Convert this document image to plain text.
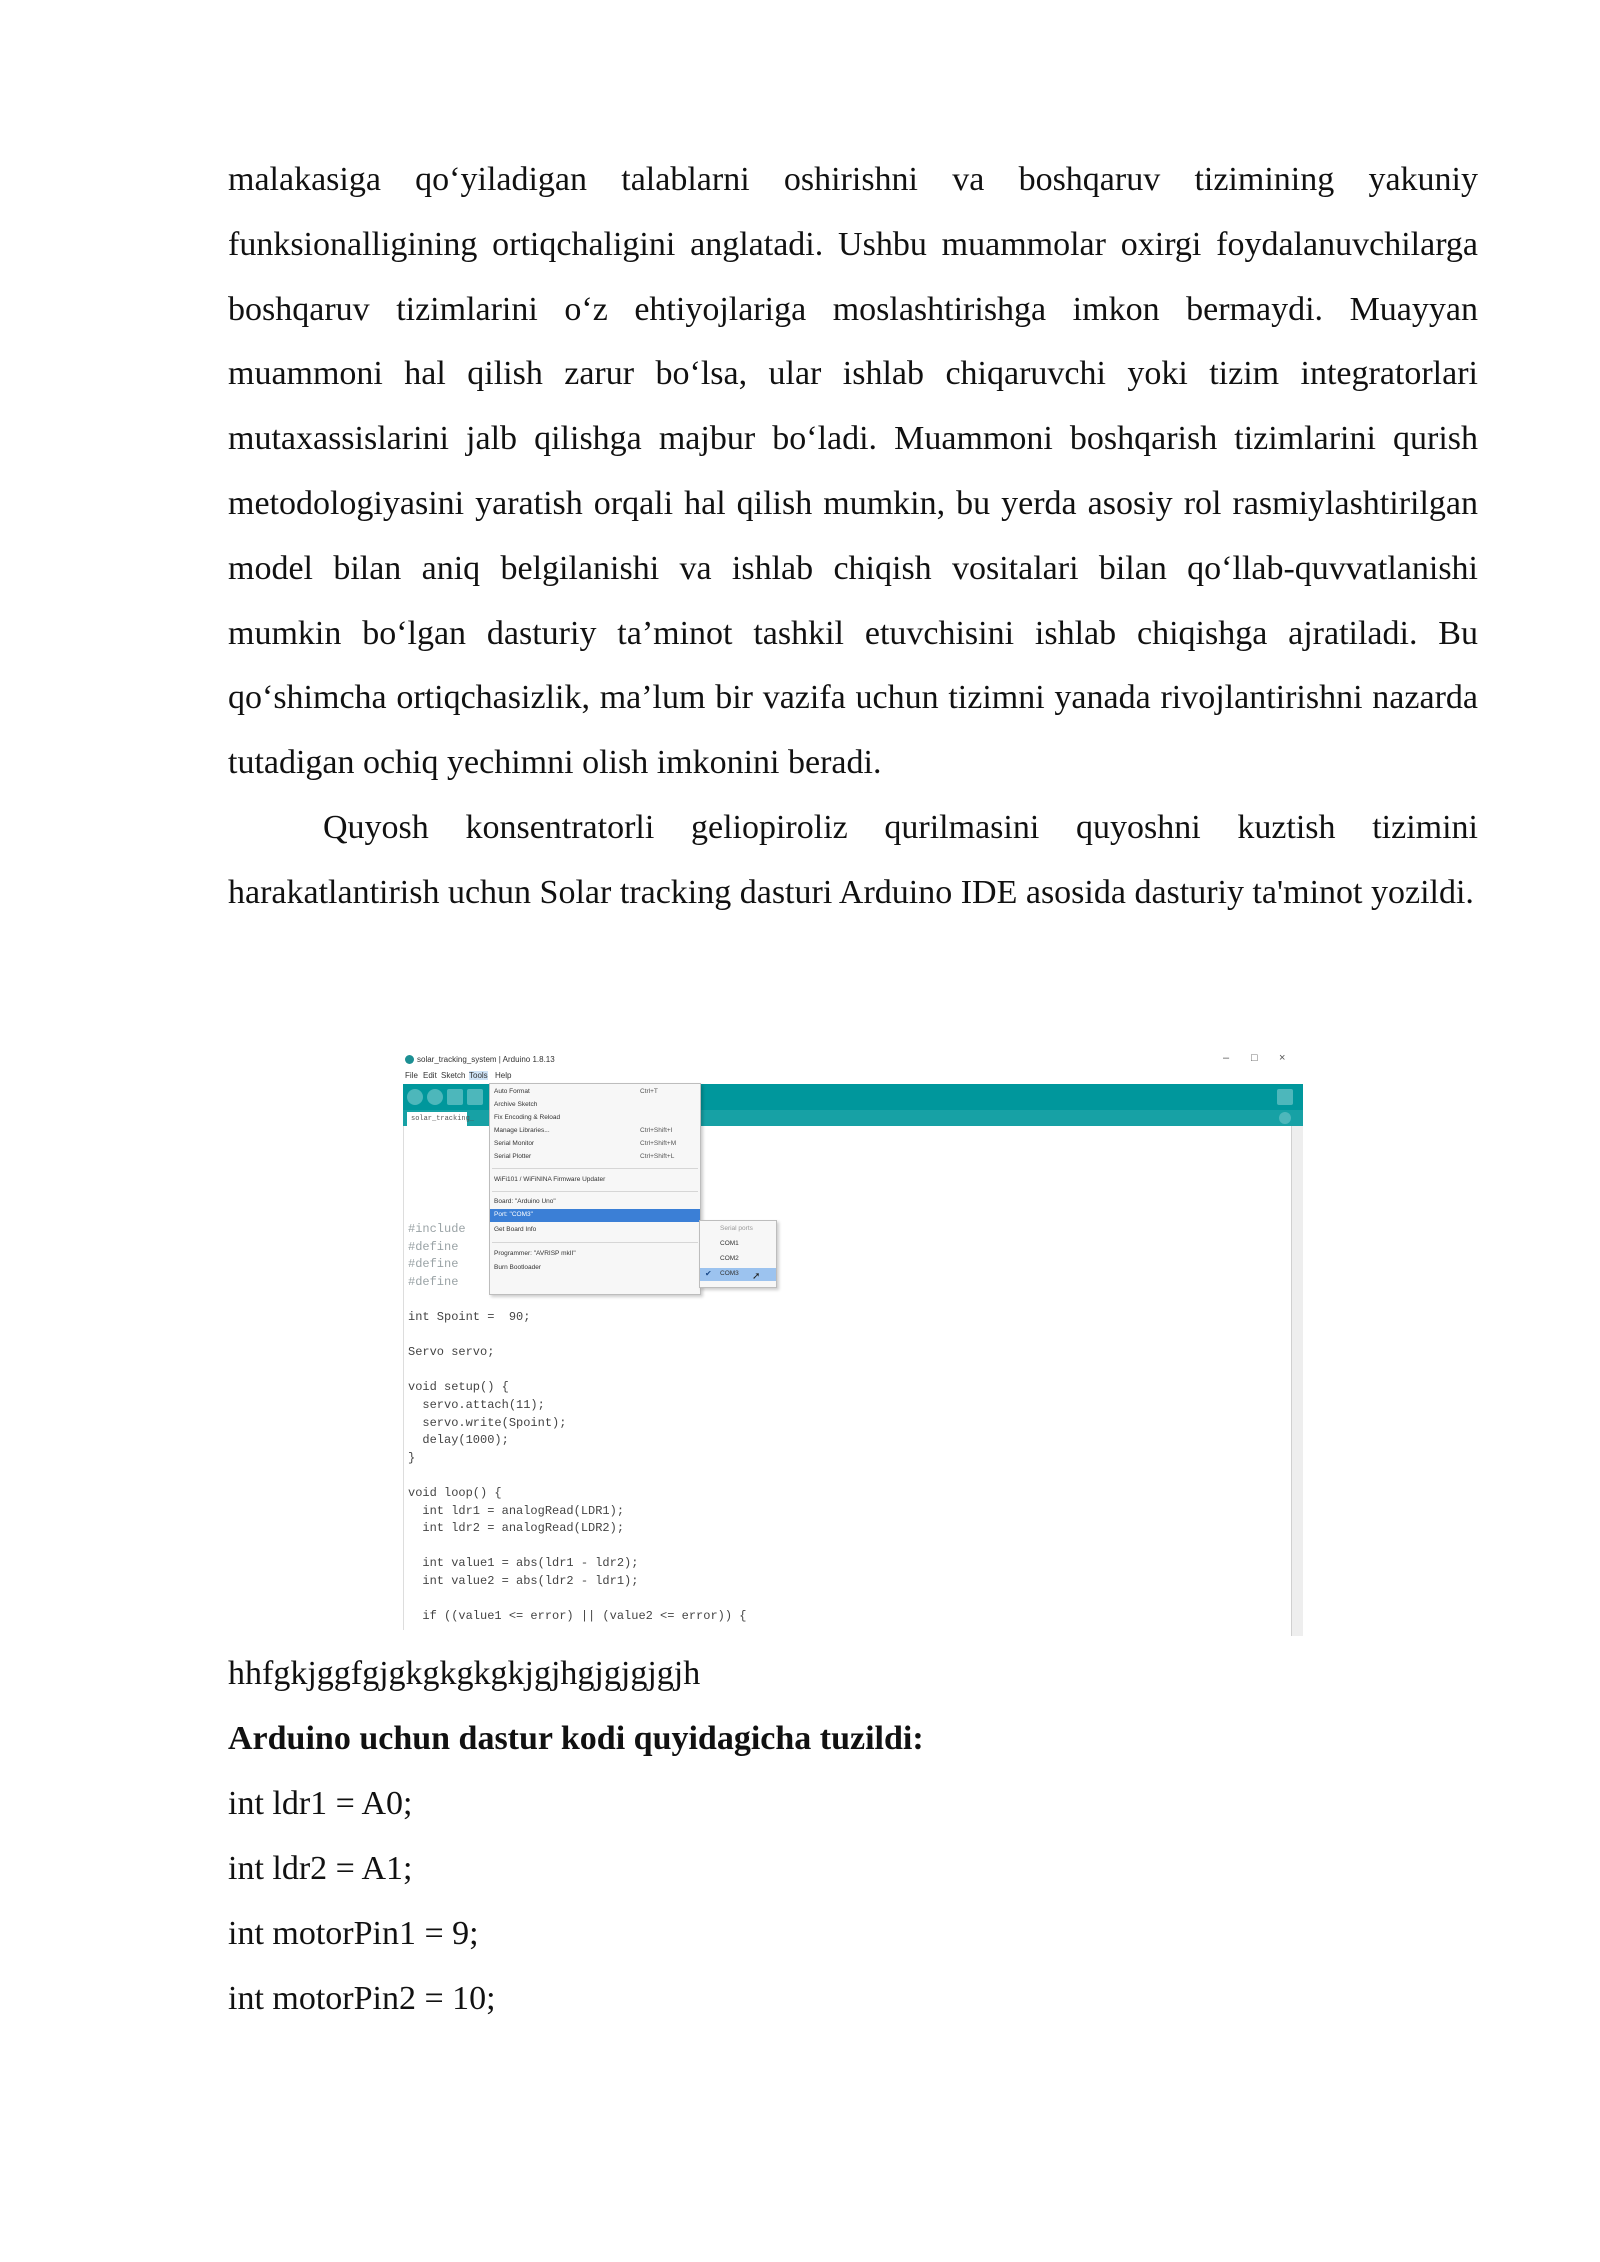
malakasiga qo‘yiladigan talablarni oshirishni va boshqaruv tizimining yakuniy funksionalligining ortiqchaligini anglatadi. Ushbu muammolar oxirgi foydalanuvchilarga boshqaruv tizimlarini o‘z ehtiyojlariga moslashtirishga imkon bermaydi. Muayyan muammoni hal qilish zarur bo‘lsa, ular ishlab chiqaruvchi yoki tizim integratorlari mutaxassislarini jalb qilishga majbur bo‘ladi. Muammoni boshqarish tizimlarini qurish metodologiyasini yaratish orqali hal qilish mumkin, bu yerda asosiy rol rasmiylashtirilgan model bilan aniq belgilanishi va ishlab chiqish vositalari bilan qo‘llab-quvvatlanishi mumkin bo‘lgan dasturiy ta’minot tashkil etuvchisini ishlab chiqishga ajratiladi. Bu qo‘shimcha ortiqchasizlik, ma’lum bir vazifa uchun tizimni yanada rivojlantirishni nazarda tutadigan ochiq yechimni olish imkonini beradi.

Quyosh konsentratorli geliopiroliz qurilmasini quyoshni kuztish tizimini harakatlantirish uchun Solar tracking dasturi Arduino IDE asosida dasturiy ta'minot yozildi.

solar_tracking_system | Arduino 1.8.13	– □ ×
File Edit Sketch Tools Help
solar_tracking_
#include
#define
#define
#define
int Spoint =  90;
Servo servo;
void setup() {
servo.attach(11);
servo.write(Spoint);
delay(1000);
}
void loop() {
int ldr1 = analogRead(LDR1);
int ldr2 = analogRead(LDR2);
int value1 = abs(ldr1 - ldr2);
int value2 = abs(ldr2 - ldr1);
if ((value1 <= error) || (value2 <= error)) {
Auto Format	Ctrl+T
Archive Sketch
Fix Encoding & Reload
Manage Libraries...	Ctrl+Shift+I
Serial Monitor	Ctrl+Shift+M
Serial Plotter	Ctrl+Shift+L
WiFi101 / WiFiNINA Firmware Updater
Board: "Arduino Uno"
Port: "COM3"
Get Board Info
Programmer: "AVRISP mkII"
Burn Bootloader
Serial ports
COM1
COM2
✔ COM3 ➚
hhfgkjggfgjgkgkgkgkjgjhgjgjgjgjh
Arduino uchun dastur kodi quyidagicha tuzildi:
int ldr1 = A0;
int ldr2 = A1;
int motorPin1 = 9;
int motorPin2 = 10;
